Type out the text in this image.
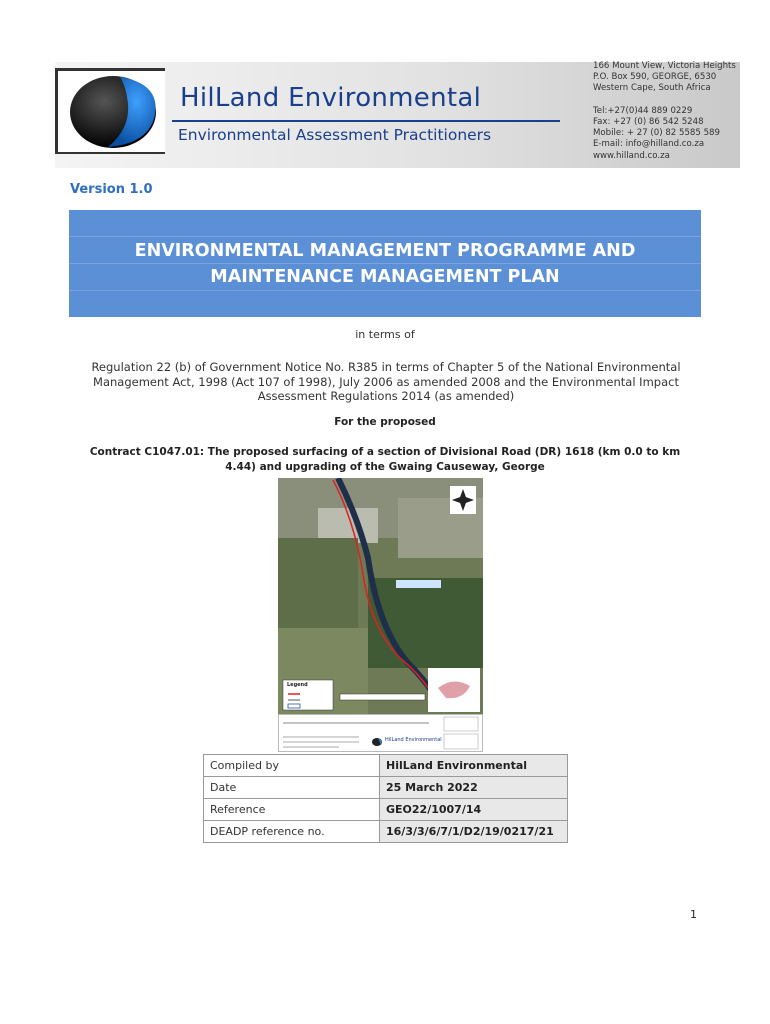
HilLand Environmental
Environmental Assessment Practitioners
166 Mount View, Victoria Heights
P.O. Box 590, GEORGE, 6530
Western Cape, South Africa

Tel:+27(0)44 889 0229
Fax: +27 (0) 86 542 5248
Mobile: + 27 (0) 82 5585 589
E-mail: info@hilland.co.za
www.hilland.co.za
Version 1.0
ENVIRONMENTAL MANAGEMENT PROGRAMME AND
MAINTENANCE MANAGEMENT PLAN
in terms of
Regulation 22 (b) of Government Notice No. R385 in terms of Chapter 5 of the National Environmental Management Act, 1998 (Act 107 of 1998), July 2006 as amended 2008 and the Environmental Impact Assessment Regulations 2014 (as amended)
For the proposed
Contract C1047.01: The proposed surfacing of a section of Divisional Road (DR) 1618 (km 0.0 to km 4.44) and upgrading of the Gwaing Causeway, George
Legend
HilLand Environmental
Compiled by	HilLand Environmental
Date	25 March 2022
Reference	GEO22/1007/14
DEADP reference no.	16/3/3/6/7/1/D2/19/0217/21
1
